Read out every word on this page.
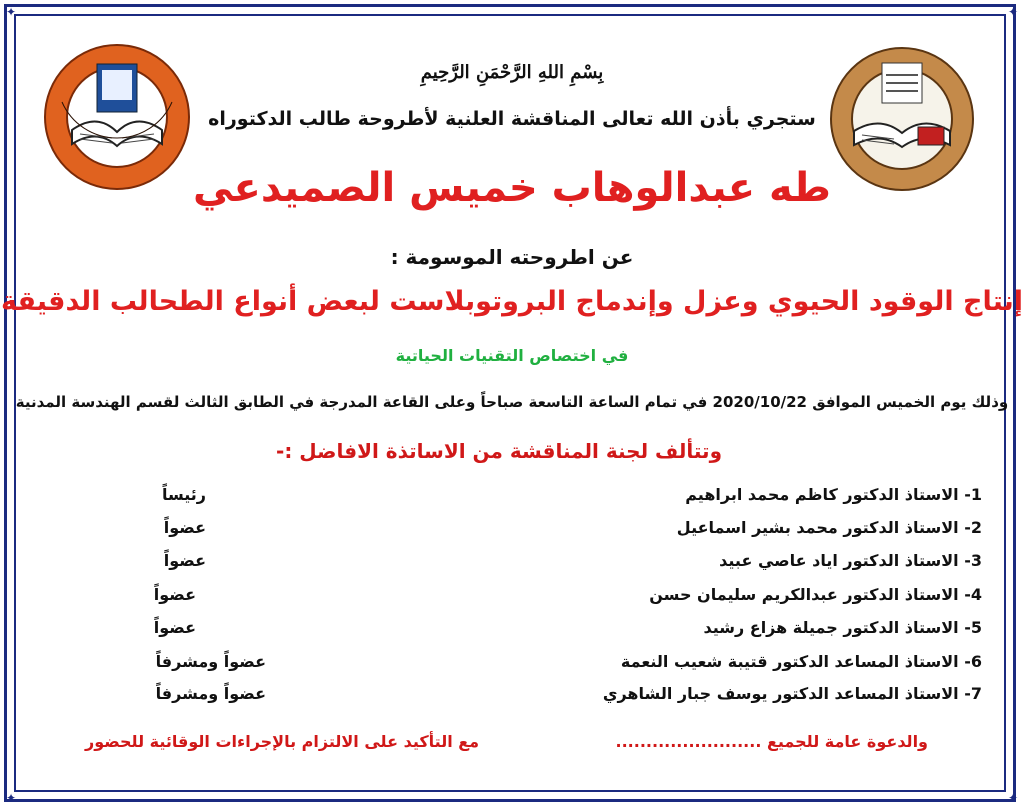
✦	✦
✦	✦
بِسْمِ اللهِ الرَّحْمَنِ الرَّحِيمِ
ستجري بأذن الله تعالى المناقشة العلنية لأطروحة طالب الدكتوراه
طه عبدالوهاب خميس الصميدعي
عن اطروحته الموسومة :
إنتاج الوقود الحيوي وعزل وإندماج البروتوبلاست لبعض أنواع الطحالب الدقيقة
في اختصاص التقنيات الحياتية
وذلك يوم الخميس الموافق 2020/10/22 في تمام الساعة التاسعة صباحاً وعلى القاعة المدرجة في الطابق الثالث لقسم الهندسة المدنية
وتتألف لجنة المناقشة من الاساتذة الافاضل :-
1- الاستاذ الدكتور كاظم محمد ابراهيم
رئيساً
2- الاستاذ الدكتور محمد بشير اسماعيل
عضواً
3- الاستاذ الدكتور اياد عاصي عبيد
عضواً
4- الاستاذ الدكتور عبدالكريم سليمان حسن
عضواً
5- الاستاذ الدكتور جميلة هزاع رشيد
عضواً
6- الاستاذ المساعد الدكتور قتيبة شعيب النعمة
عضواً ومشرفاً
7- الاستاذ المساعد الدكتور يوسف جبار الشاهري
عضواً ومشرفاً
والدعوة عامة للجميع ........................
مع التأكيد على الالتزام بالإجراءات الوقائية للحضور
